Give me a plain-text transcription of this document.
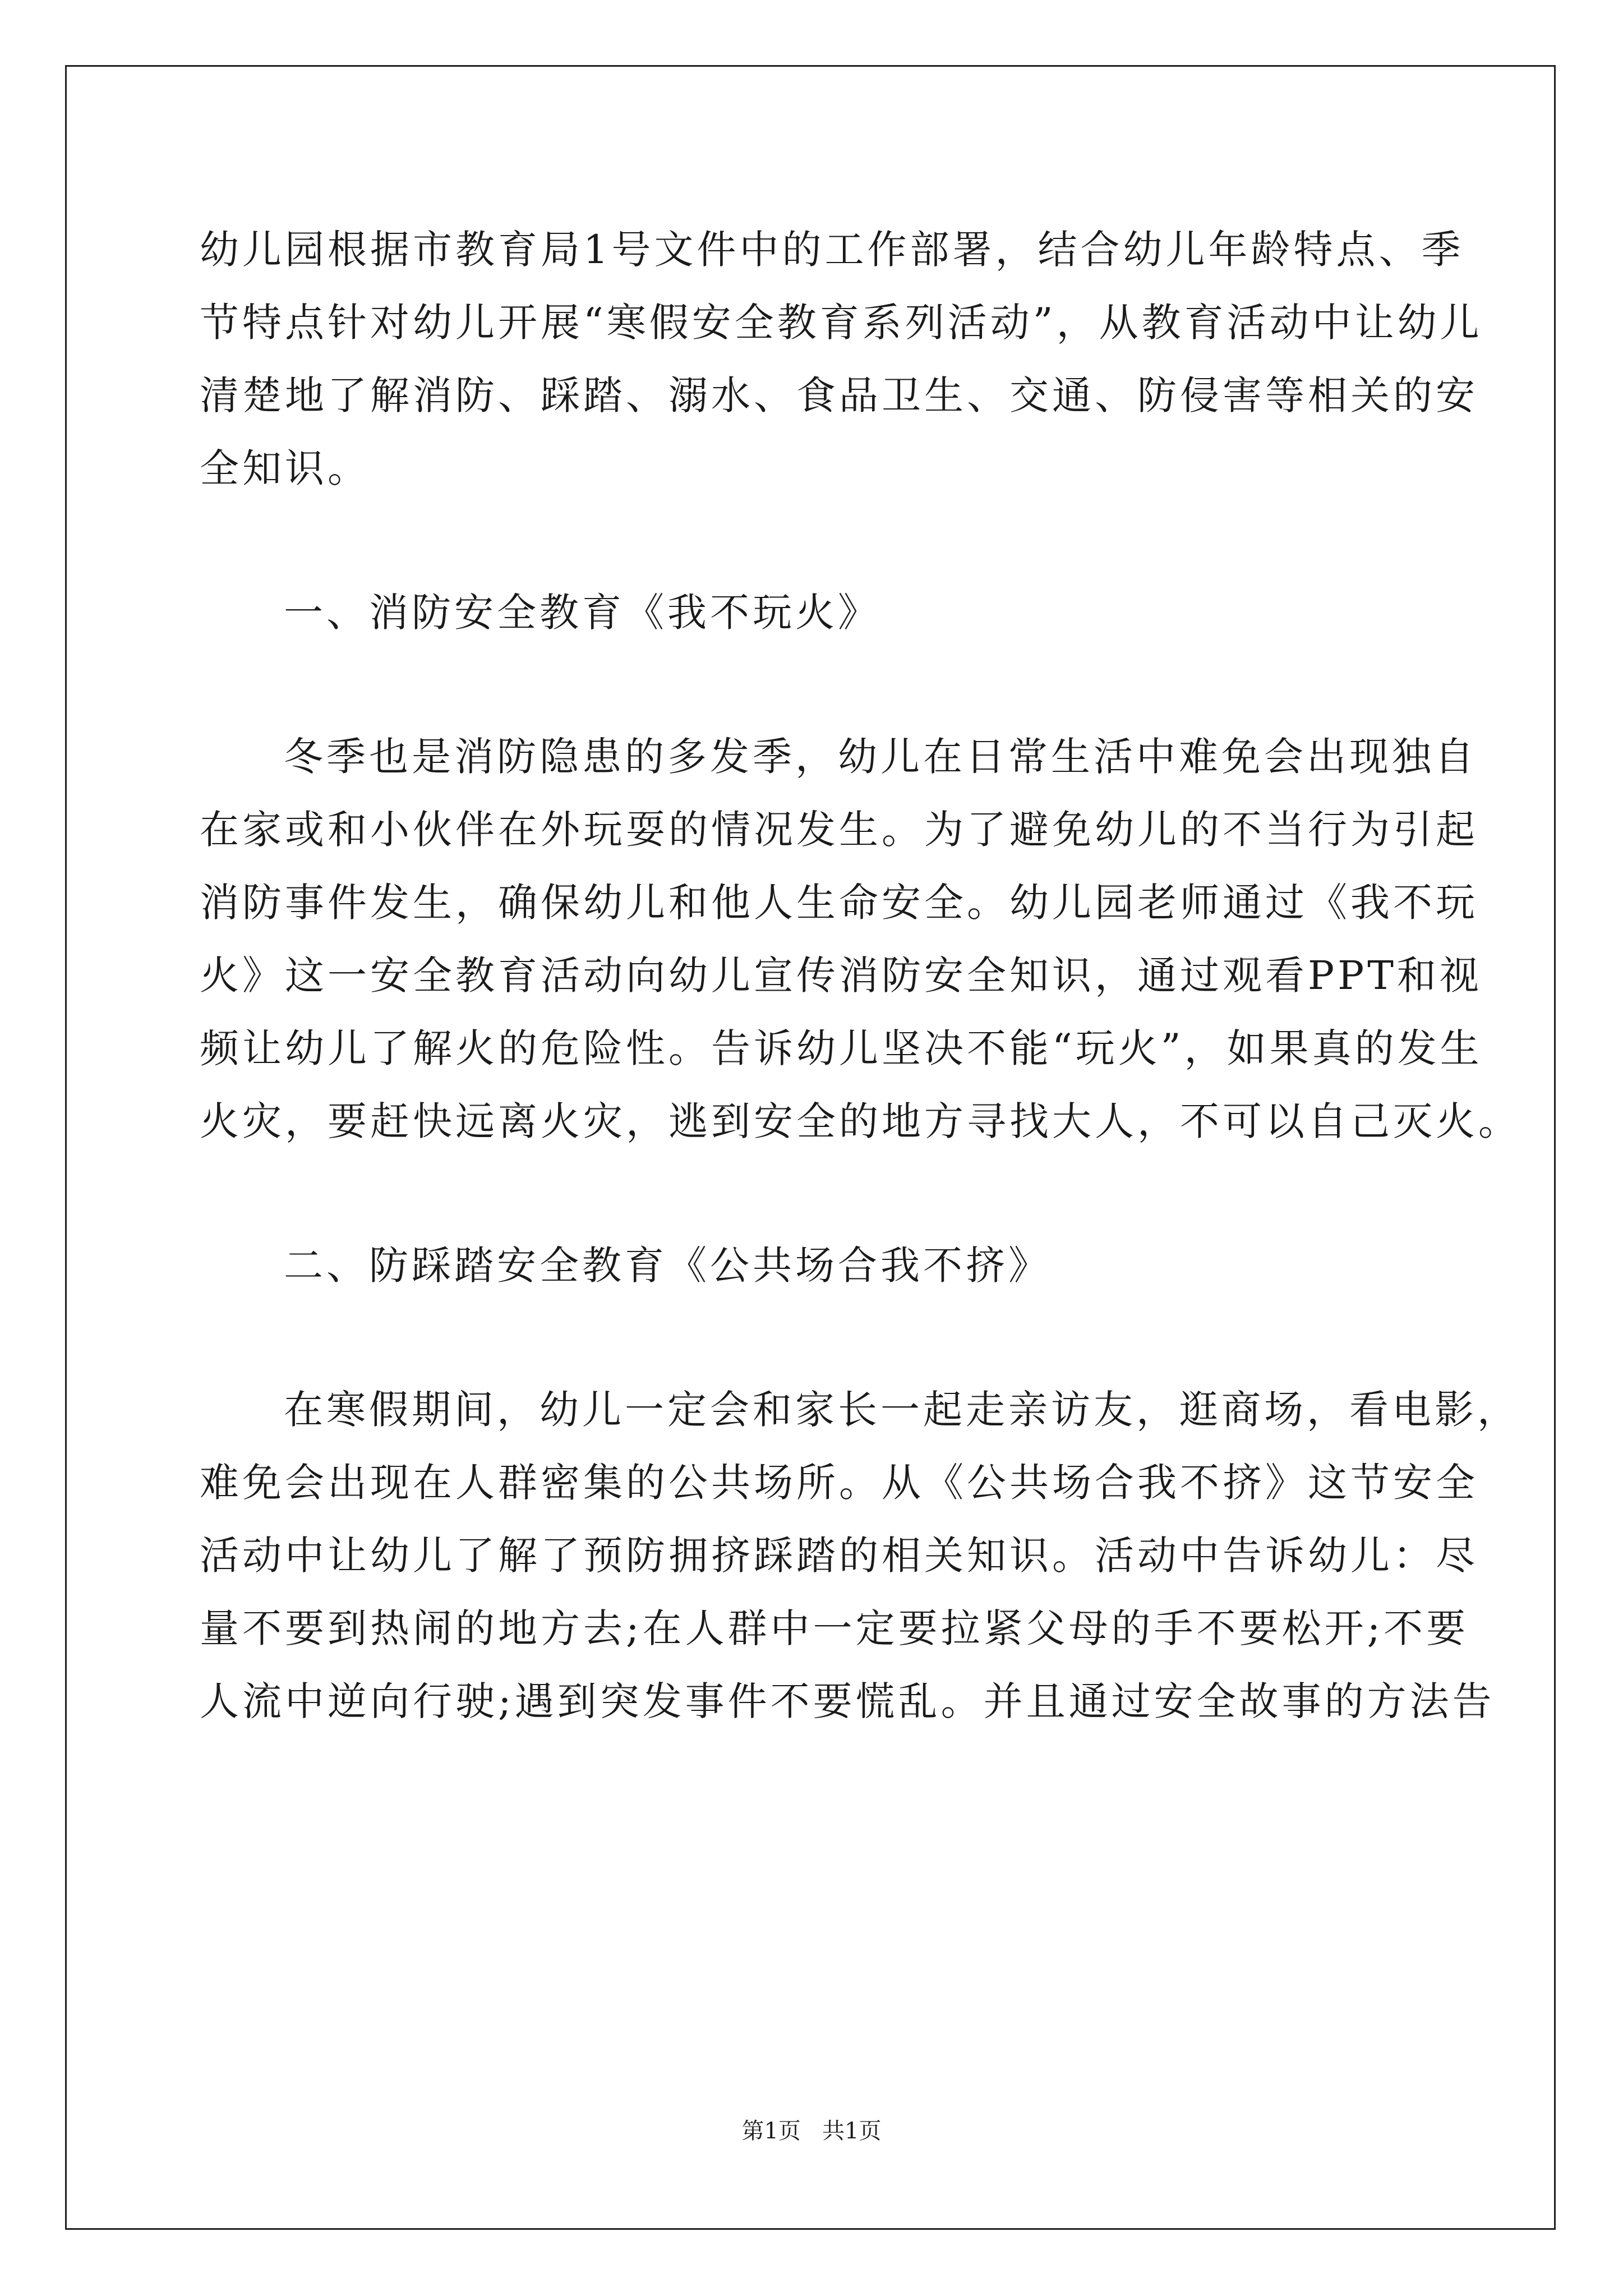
幼儿园根据市教育局1号文件中的工作部署，结合幼儿年龄特点、季
节特点针对幼儿开展“寒假安全教育系列活动”，从教育活动中让幼儿
清楚地了解消防、踩踏、溺水、食品卫生、交通、防侵害等相关的安
全知识。
一、消防安全教育《我不玩火》
冬季也是消防隐患的多发季，幼儿在日常生活中难免会出现独自
在家或和小伙伴在外玩耍的情况发生。为了避免幼儿的不当行为引起
消防事件发生，确保幼儿和他人生命安全。幼儿园老师通过《我不玩
火》这一安全教育活动向幼儿宣传消防安全知识，通过观看PPT和视
频让幼儿了解火的危险性。告诉幼儿坚决不能“玩火”，如果真的发生
火灾，要赶快远离火灾，逃到安全的地方寻找大人，不可以自己灭火。
二、防踩踏安全教育《公共场合我不挤》
在寒假期间，幼儿一定会和家长一起走亲访友，逛商场，看电影，
难免会出现在人群密集的公共场所。从《公共场合我不挤》这节安全
活动中让幼儿了解了预防拥挤踩踏的相关知识。活动中告诉幼儿：尽
量不要到热闹的地方去;在人群中一定要拉紧父母的手不要松开;不要
人流中逆向行驶;遇到突发事件不要慌乱。并且通过安全故事的方法告
第1页   共1页
